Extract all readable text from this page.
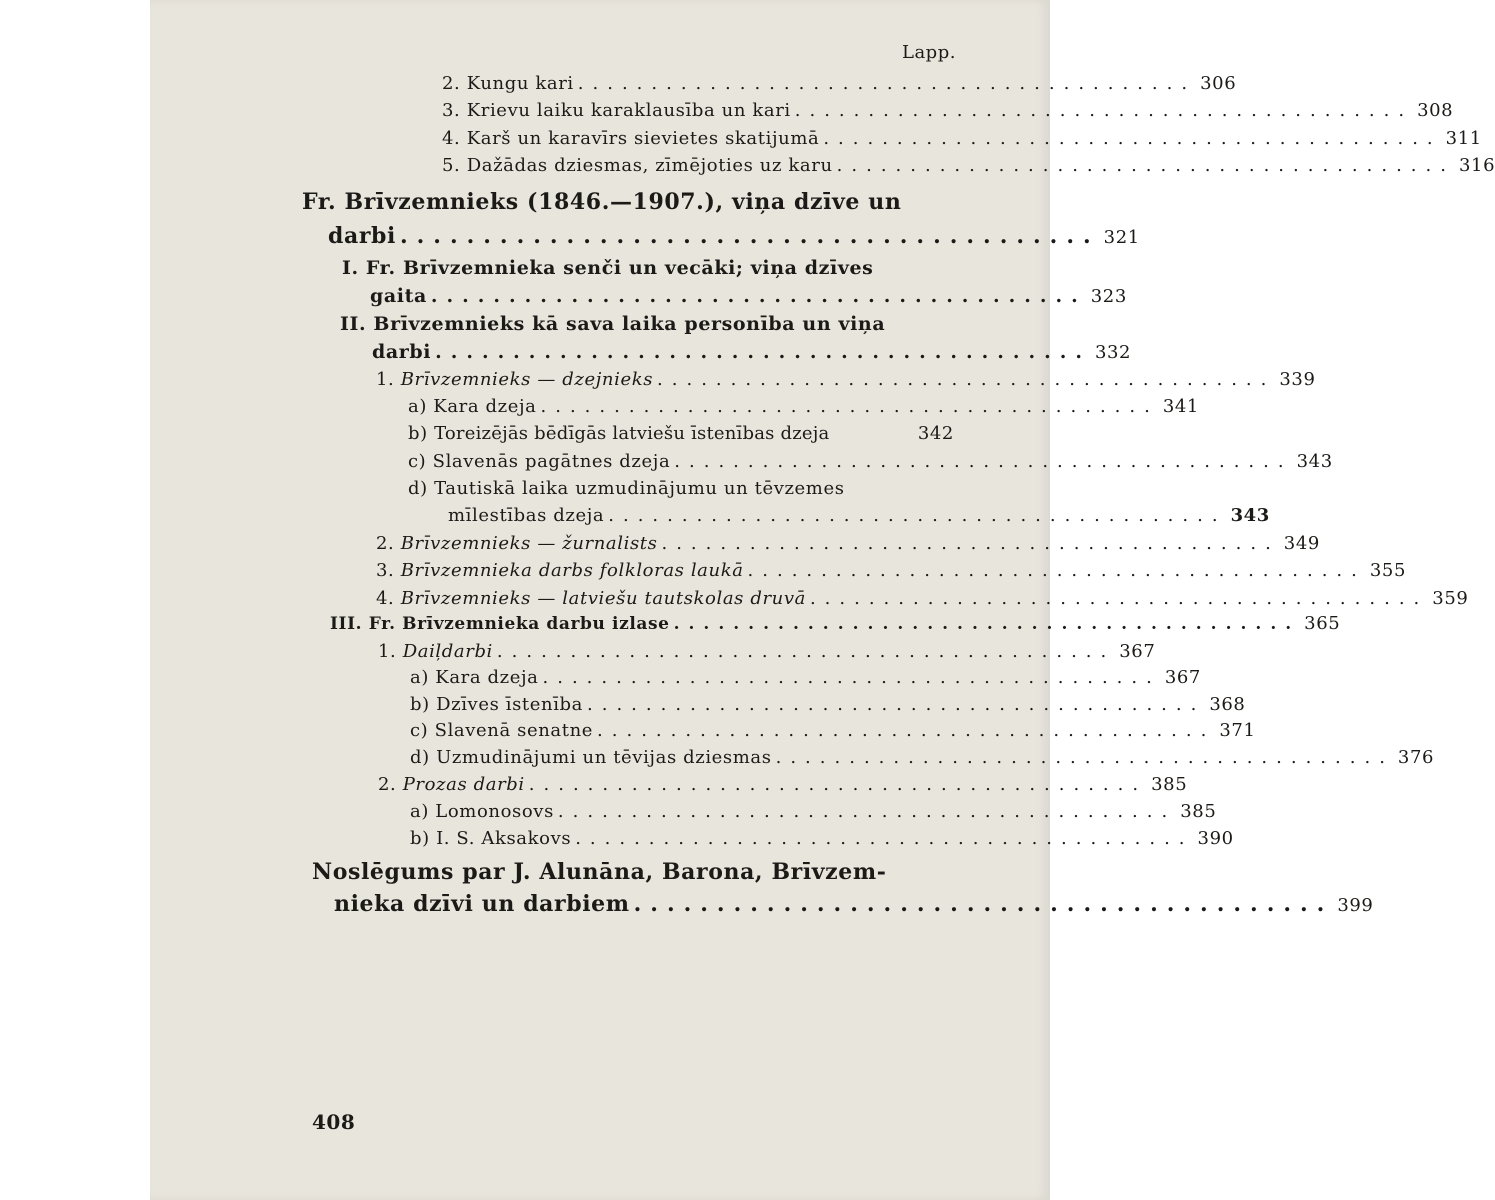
Lapp.
2.
Kungu kari .......................................... 306
3.
Krievu laiku karaklausība un kari .......................................... 308
4.
Karš un karavīrs sievietes skatijumā .......................................... 311
5.
Dažādas dziesmas, zīmējoties uz karu .......................................... 316
Fr. Brīvzemnieks (1846.—1907.), viņa dzīve un
darbi .......................................... 321
I.
Fr. Brīvzemnieka senči un vecāki; viņa dzīves
gaita .......................................... 323
II.
Brīvzemnieks kā sava laika personība un viņa
darbi .......................................... 332
1.
Brīvzemnieks — dzejnieks .......................................... 339
a)
Kara dzeja .......................................... 341
b)
Toreizējās bēdīgās latviešu īstenības dzeja	342
c)
Slavenās pagātnes dzeja .......................................... 343
d)
Tautiskā laika uzmudinājumu un tēvzemes
mīlestības dzeja .......................................... 343
2.
Brīvzemnieks — žurnalists .......................................... 349
3.
Brīvzemnieka darbs folkloras laukā .......................................... 355
4.
Brīvzemnieks — latviešu tautskolas druvā .......................................... 359
III.
Fr. Brīvzemnieka darbu izlase .......................................... 365
1.
Daiļdarbi .......................................... 367
a)
Kara dzeja .......................................... 367
b)
Dzīves īstenība .......................................... 368
c)
Slavenā senatne .......................................... 371
d)
Uzmudinājumi un tēvijas dziesmas .......................................... 376
2.
Prozas darbi .......................................... 385
a)
Lomonosovs .......................................... 385
b)
I. S. Aksakovs .......................................... 390
Noslēgums par J. Alunāna, Barona, Brīvzem-
nieka dzīvi un darbiem .......................................... 399
408
